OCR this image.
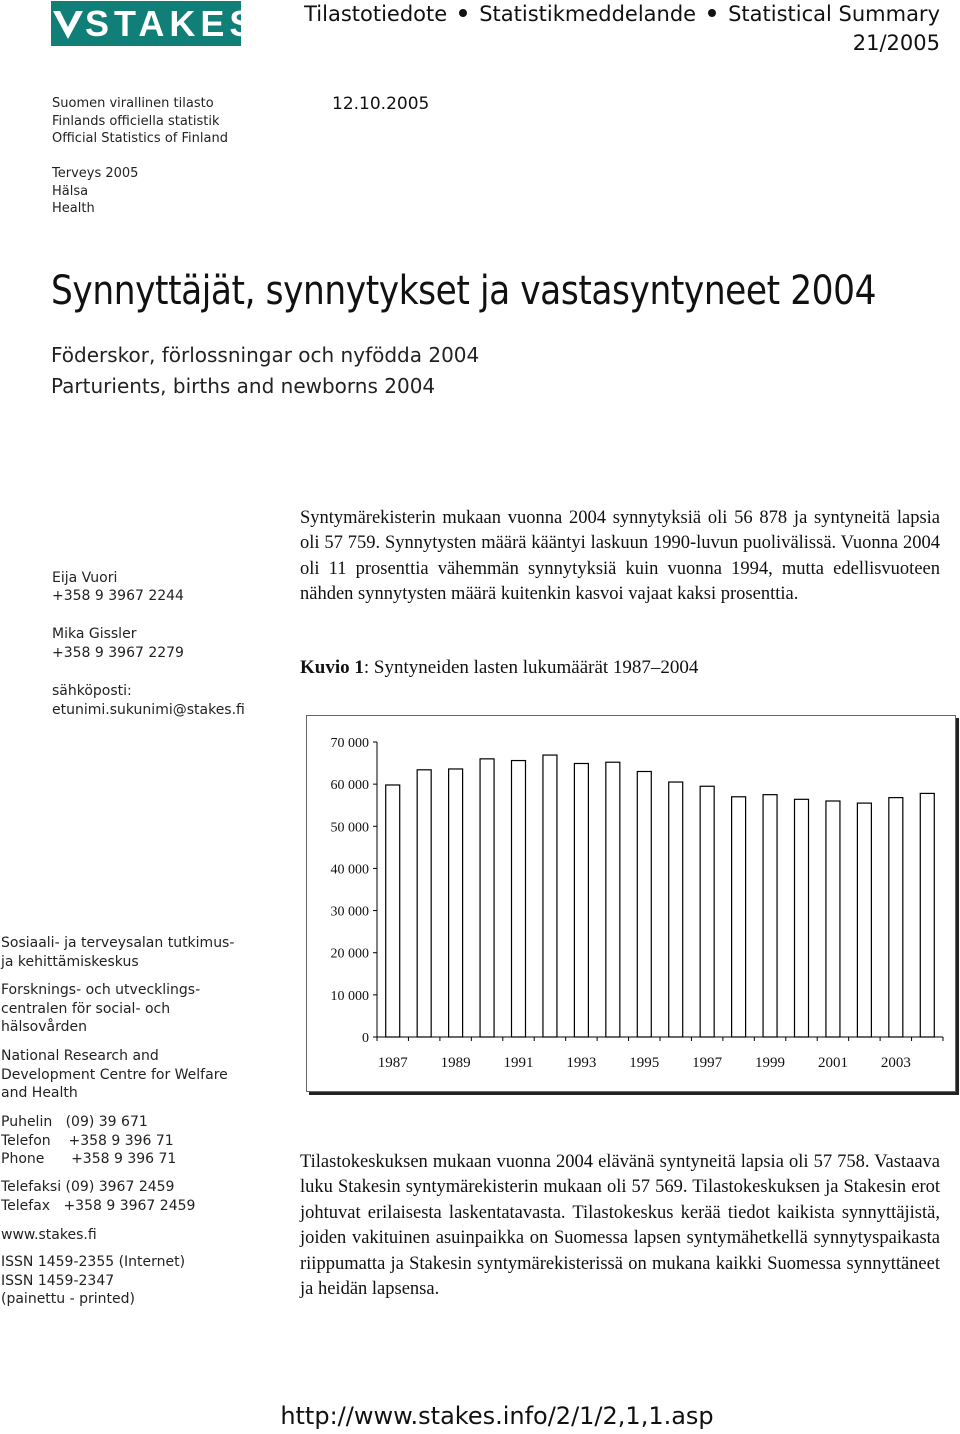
STAKES Tilastotiedote Statistikmeddelande Statistical Summary
21/2005
Suomen virallinen tilasto
Finlands officiella statistik
Official Statistics of Finland
12.10.2005
Terveys 2005
Hälsa
Health
Synnyttäjät, synnytykset ja vastasyntyneet 2004
Föderskor, förlossningar och nyfödda 2004
Parturients, births and newborns 2004
Eija Vuori
+358 9 3967 2244
Mika Gissler
+358 9 3967 2279
sähköposti:
etunimi.sukunimi@stakes.fi
Syntymärekisterin mukaan vuonna 2004 synnytyksiä oli 56 878 ja syntyneitä lapsia oli 57 759. Synnytysten määrä kääntyi laskuun 1990-luvun puolivälissä. Vuonna 2004 oli 11 prosenttia vähemmän synnytyksiä kuin vuonna 1994, mutta edellisvuoteen nähden synnytysten määrä kuitenkin kasvoi vajaat kaksi prosenttia.
Kuvio 1: Syntyneiden lasten lukumäärät 1987–2004
0
10 000
20 000
30 000
40 000
50 000
60 000
70 000
1987 1989 1991 1993 1995 1997 1999 2001 2003
Tilastokeskuksen mukaan vuonna 2004 elävänä syntyneitä lapsia oli 57 758. Vastaava luku Stakesin syntymärekisterin mukaan oli 57 569. Tilastokeskuksen ja Stakesin erot johtuvat erilaisesta laskentatavasta. Tilastokeskus kerää tiedot kaikista synnyttäjistä, joiden vakituinen asuinpaikka on Suomessa lapsen syntymähetkellä synnytyspaikasta riippumatta ja Stakesin syntymärekisterissä on mukana kaikki Suomessa synnyttäneet ja heidän lapsensa.
Sosiaali- ja terveysalan tutkimus-
ja kehittämiskeskus
Forsknings- och utvecklings-
centralen för social- och
hälsovården
National Research and
Development Centre for Welfare
and Health
Puhelin (09) 39 671
Telefon +358 9 396 71
Phone +358 9 396 71
Telefaksi (09) 3967 2459
Telefax +358 9 3967 2459
www.stakes.fi
ISSN 1459-2355 (Internet)
ISSN 1459-2347
(painettu - printed)
http://www.stakes.info/2/1/2,1,1.asp
